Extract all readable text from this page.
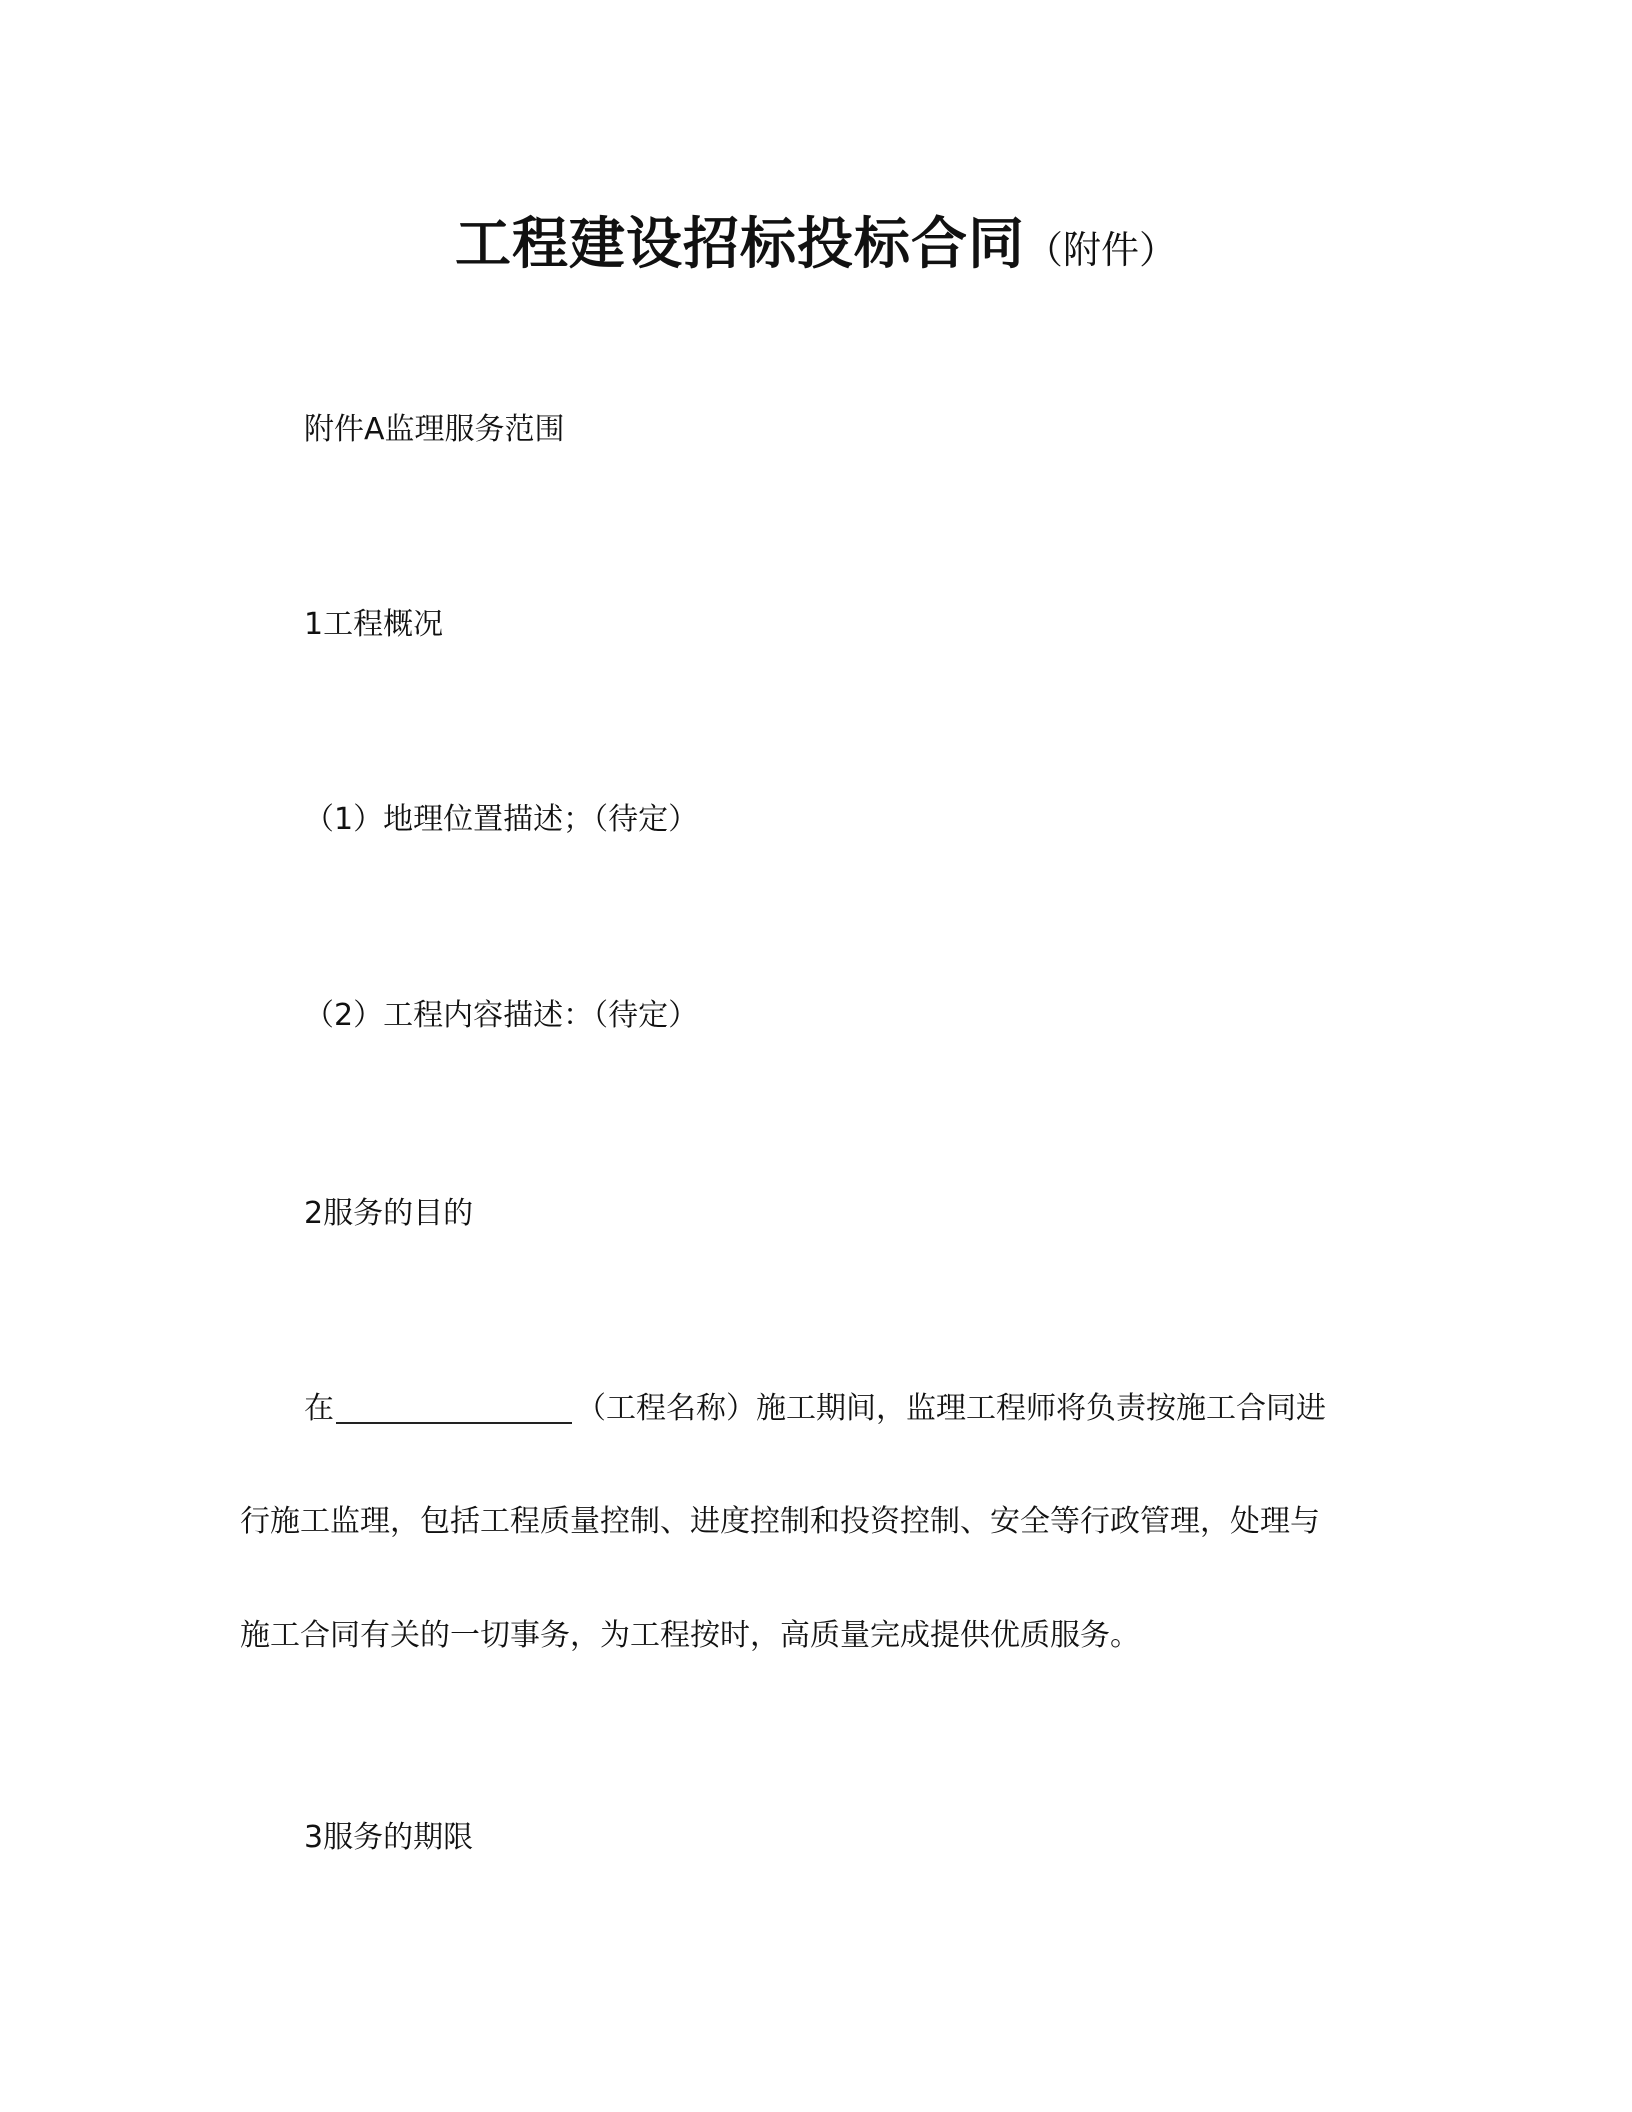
工程建设招标投标合同（附件）
附件A监理服务范围
1工程概况
（1）地理位置描述；（待定）
（2）工程内容描述：（待定）
2服务的目的
在	（工程名称）施工期间，监理工程师将负责按施工合同进
行施工监理，包括工程质量控制、进度控制和投资控制、安全等行政管理，处理与
施工合同有关的一切事务，为工程按时，高质量完成提供优质服务。
3服务的期限
